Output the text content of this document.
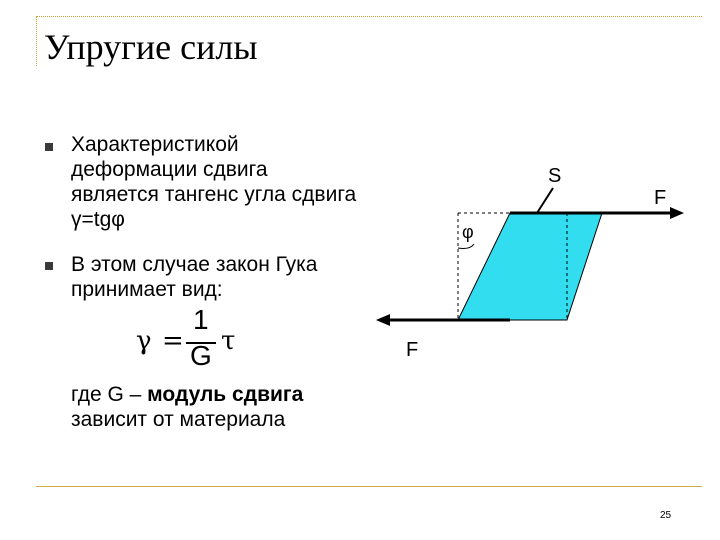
Упругие силы
Характеристикой деформации сдвига является тангенс угла сдвига γ=tgφ
В этом случае закон Гука принимает вид:
γ =
1
G τ
где G – модуль сдвига зависит от материала
S
F
F
φ
25
